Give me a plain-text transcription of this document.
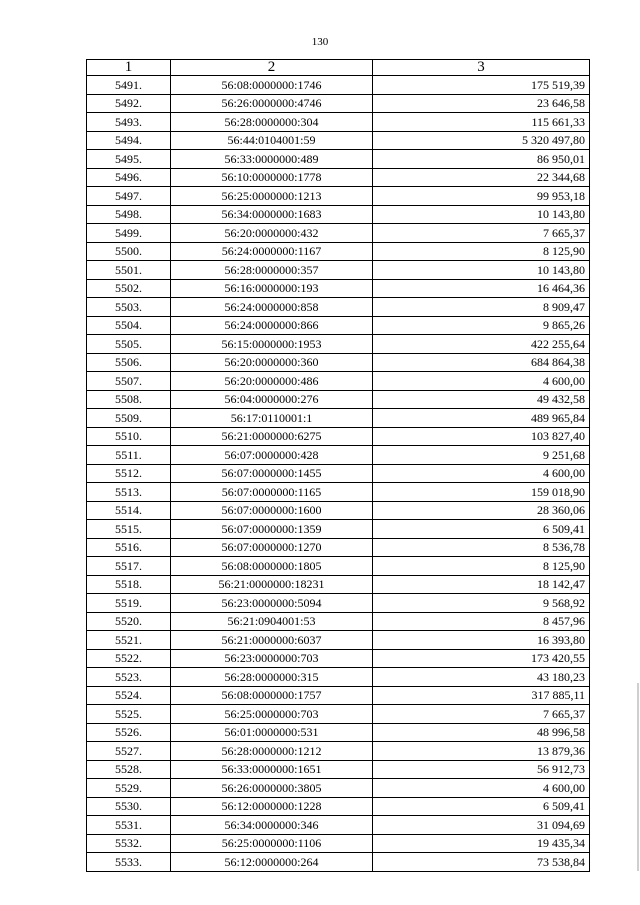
130
1	2	3
5491.	56:08:0000000:1746	175 519,39
5492.	56:26:0000000:4746	23 646,58
5493.	56:28:0000000:304	115 661,33
5494.	56:44:0104001:59	5 320 497,80
5495.	56:33:0000000:489	86 950,01
5496.	56:10:0000000:1778	22 344,68
5497.	56:25:0000000:1213	99 953,18
5498.	56:34:0000000:1683	10 143,80
5499.	56:20:0000000:432	7 665,37
5500.	56:24:0000000:1167	8 125,90
5501.	56:28:0000000:357	10 143,80
5502.	56:16:0000000:193	16 464,36
5503.	56:24:0000000:858	8 909,47
5504.	56:24:0000000:866	9 865,26
5505.	56:15:0000000:1953	422 255,64
5506.	56:20:0000000:360	684 864,38
5507.	56:20:0000000:486	4 600,00
5508.	56:04:0000000:276	49 432,58
5509.	56:17:0110001:1	489 965,84
5510.	56:21:0000000:6275	103 827,40
5511.	56:07:0000000:428	9 251,68
5512.	56:07:0000000:1455	4 600,00
5513.	56:07:0000000:1165	159 018,90
5514.	56:07:0000000:1600	28 360,06
5515.	56:07:0000000:1359	6 509,41
5516.	56:07:0000000:1270	8 536,78
5517.	56:08:0000000:1805	8 125,90
5518.	56:21:0000000:18231	18 142,47
5519.	56:23:0000000:5094	9 568,92
5520.	56:21:0904001:53	8 457,96
5521.	56:21:0000000:6037	16 393,80
5522.	56:23:0000000:703	173 420,55
5523.	56:28:0000000:315	43 180,23
5524.	56:08:0000000:1757	317 885,11
5525.	56:25:0000000:703	7 665,37
5526.	56:01:0000000:531	48 996,58
5527.	56:28:0000000:1212	13 879,36
5528.	56:33:0000000:1651	56 912,73
5529.	56:26:0000000:3805	4 600,00
5530.	56:12:0000000:1228	6 509,41
5531.	56:34:0000000:346	31 094,69
5532.	56:25:0000000:1106	19 435,34
5533.	56:12:0000000:264	73 538,84
